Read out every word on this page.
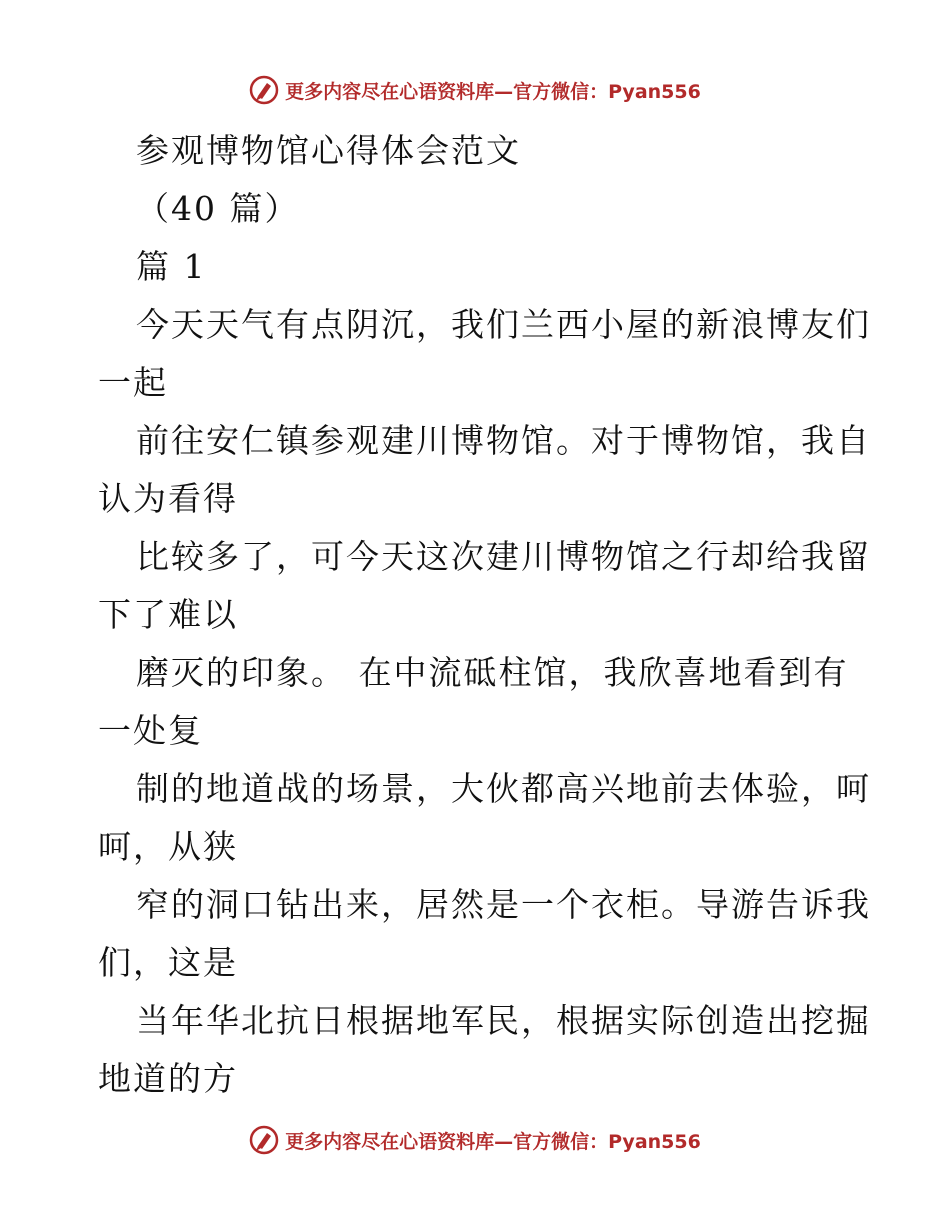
更多内容尽在心语资料库—官方微信：Pyan556
参观博物馆心得体会范文
（40 篇）
篇 1
今天天气有点阴沉，我们兰西小屋的新浪博友们
一起
前往安仁镇参观建川博物馆。对于博物馆，我自
认为看得
比较多了，可今天这次建川博物馆之行却给我留
下了难以
磨灭的印象。 在中流砥柱馆，我欣喜地看到有
一处复
制的地道战的场景，大伙都高兴地前去体验，呵
呵，从狭
窄的洞口钻出来，居然是一个衣柜。导游告诉我
们，这是
当年华北抗日根据地军民，根据实际创造出挖掘
地道的方
更多内容尽在心语资料库—官方微信：Pyan556
